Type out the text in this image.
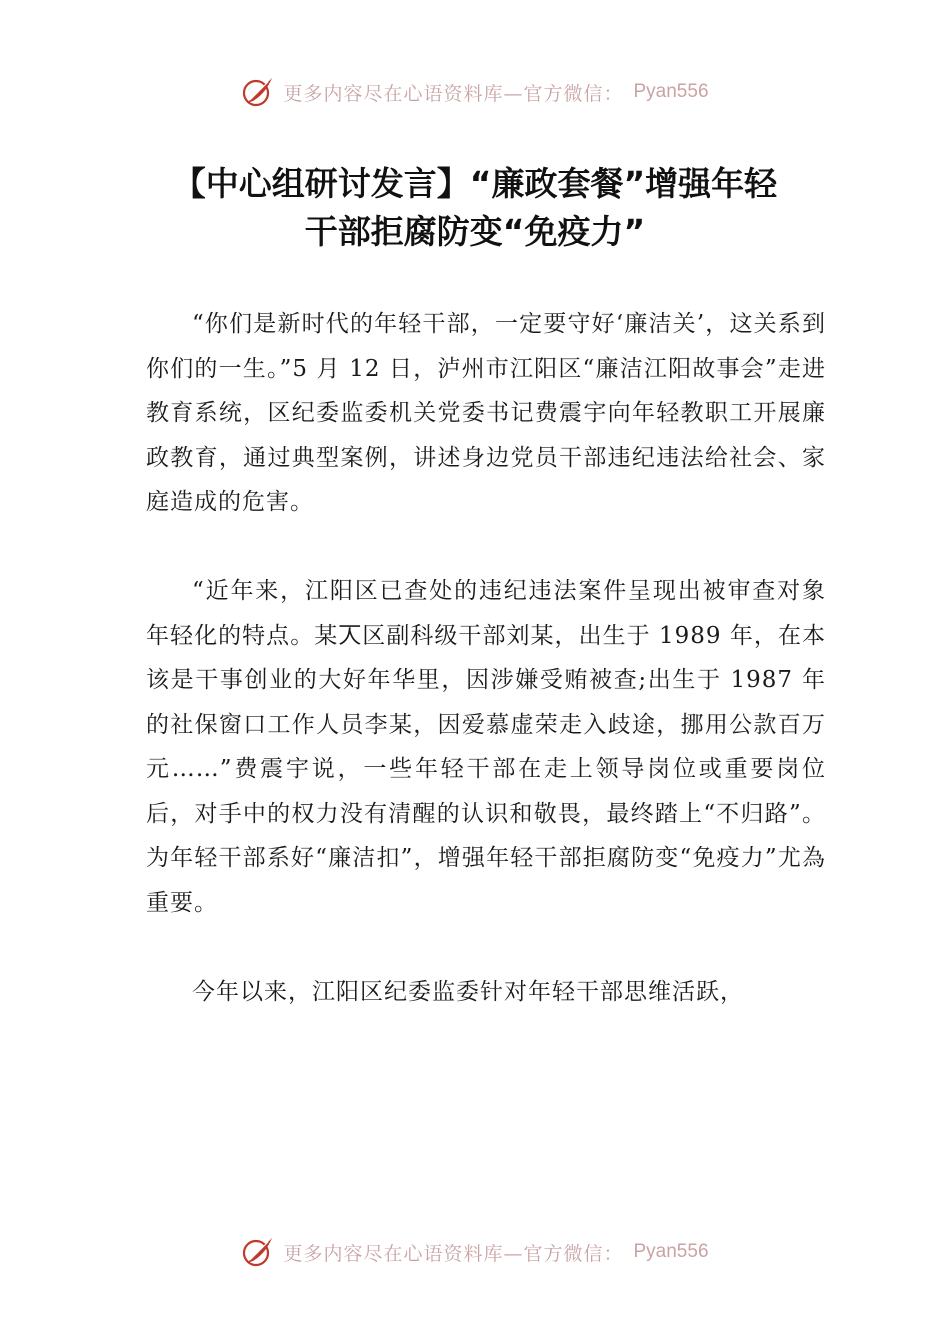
更多内容尽在心语资料库—官方微信： Pyan556
【中心组研讨发言】“廉政套餐”增强年轻
干部拒腐防变“免疫力”

“你们是新时代的年轻干部，一定要守好‘廉洁关’，这关系到你们的一生。”5 月 12 日，泸州市江阳区“廉洁江阳故事会”走进教育系统，区纪委监委机关党委书记费震宇向年轻教职工开展廉政教育，通过典型案例，讲述身边党员干部违纪违法给社会、家庭造成的危害。

“近年来，江阳区已查处的违纪违法案件呈现出被审查对象年轻化的特点。某𠆣区副科级干部刘某，出生于 1989 年，在本该是干事创业的大好年华里，因涉嫌受贿被查;出生于 1987 年的社保窗口工作人员李某，因爱慕虚荣走入歧途，挪用公款百万元……”费震宇说，一些年轻干部在走上领导岗位或重要岗位后，对手中的权力没有清醒的认识和敬畏，最终踏上“不归路”。为年轻干部系好“廉洁扣”，增强年轻干部拒腐防变“免疫力”尤為重要。

今年以来，江阳区纪委监委针对年轻干部思维活跃，

更多内容尽在心语资料库—官方微信： Pyan556
